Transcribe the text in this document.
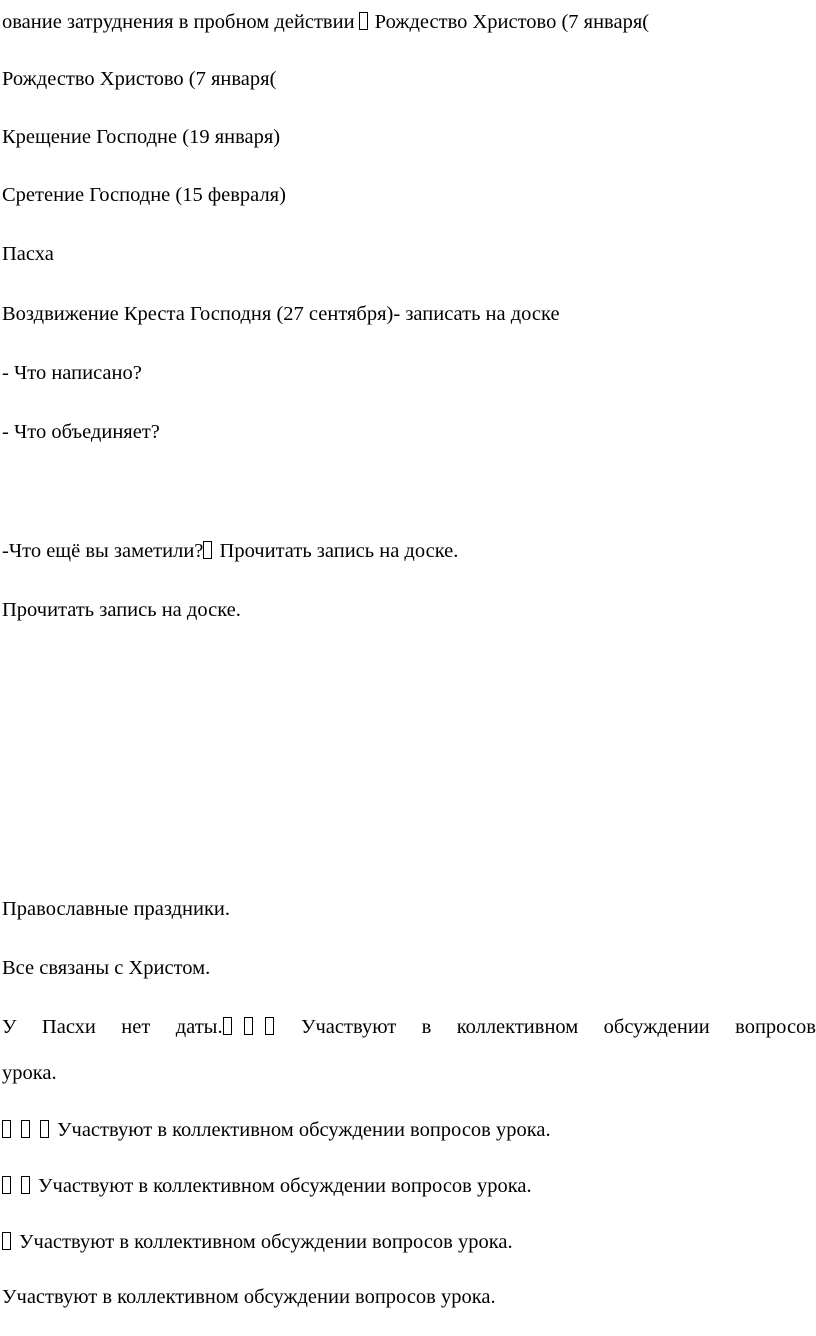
ование затруднения в пробном действии Рождество Христово (7 января(
Рождество Христово (7 января(
Крещение Господне (19 января)
Сретение Господне (15 февраля)
Пасха
Воздвижение Креста Господня (27 сентября)- записать на доске
- Что написано?
- Что объединяет?
-Что ещё вы заметили? Прочитать запись на доске.
Прочитать запись на доске.
Православные праздники.
Все связаны с Христом.
У Пасхи нет даты.	Участвуют в коллективном обсуждении вопросов
урока.
Участвуют в коллективном обсуждении вопросов урока.
Участвуют в коллективном обсуждении вопросов урока.
Участвуют в коллективном обсуждении вопросов урока.
Участвуют в коллективном обсуждении вопросов урока.
